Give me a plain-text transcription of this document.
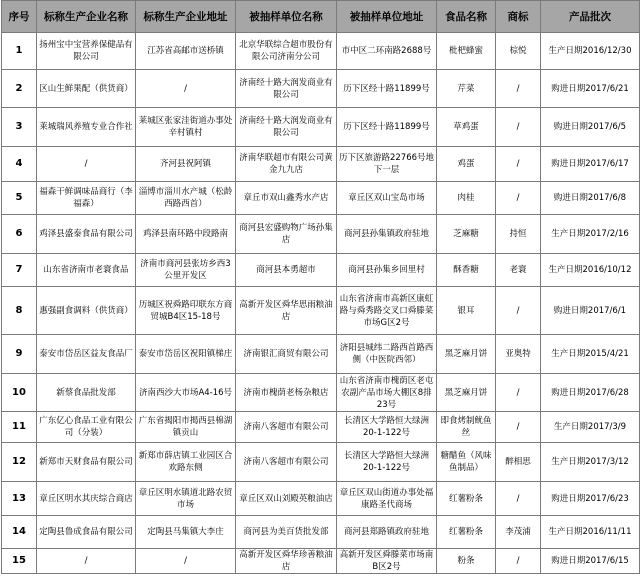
序号	标称生产企业名称	标称生产企业地址	被抽样单位名称	被抽样单位地址	食品名称	商标	产品批次
1	扬州宝中宝营养保健品有限公司	江苏省高邮市送桥镇	北京华联综合超市股份有限公司济南分公司	市中区二环南路2688号	枇杷蜂蜜	棕悦	生产日期2016/12/30
2	区山生鲜果配（供货商）	/	济南经十路大润发商业有限公司	历下区经十路11899号	芹菜	/	购进日期2017/6/21
3	莱城瑞风养殖专业合作社	莱城区张家洼街道办事处辛村镇村	济南经十路大润发商业有限公司	历下区经十路11899号	草鸡蛋	/	购进日期2017/6/5
4	/	齐河县祝阿镇	济南华联超市有限公司黄金九九店	历下区旅游路22766号地下一层	鸡蛋	/	购进日期2017/6/17
5	福森干鲜调味品商行（李福森）	淄博市淄川水产城（松龄西路西首）	章丘市双山鑫秀水产店	章丘区双山宝岛市场	肉桂	/	购进日期2017/6/8
6	鸡泽县盛泰食品有限公司	鸡泽县南环路中段路南	商河县宏盛购物广场孙集店	商河县孙集镇政府驻地	芝麻糖	持恒	生产日期2017/2/16
7	山东省济南市老寰食品	济南市商河县张坊乡西3公里开发区	商河县本勇超市	商河县孙集乡回里村	酥香糖	老寰	生产日期2016/10/12
8	惠强副食调料（供货商）	历城区祝舜路印联东方商贸城B4区15-18号	高新开发区舜华思雨粮油店	山东省济南市高新区康虹路与舜秀路交叉口舜滕菜市场G区2号	银耳	/	购进日期2017/6/1
9	泰安市岱岳区益友食品厂	泰安市岱岳区祝阳镇梯庄	济南银汇商贸有限公司	济阳县城纬二路西首路西侧（中医院西邻）	黑芝麻月饼	亚奥特	生产日期2015/4/21
10	新蔡食品批发部	济南西沙大市场A4-16号	济南市槐荫老杨杂粮店	山东省济南市槐荫区老屯农副产品市场大棚区8排23号	黑芝麻月饼	/	购进日期2017/6/28
11	广东亿心食品工业有限公司（分装）	广东省揭阳市揭西县棉湖镇贡山	济南八客超市有限公司	长清区大学路恒大绿洲20-1-122号	即食烤制鱿鱼丝	/	生产日期2017/3/9
12	新郑市天财食品有限公司	新郑市薛店镇工业园区合欢路东侧	济南八客超市有限公司	长清区大学路恒大绿洲20-1-122号	糖醋鱼（风味鱼制品）	醉相思	生产日期2017/3/12
13	章丘区明水其庆综合商店	章丘区明水镇道北路农贸市场	章丘区双山刘殿英粮油店	章丘区双山街道办事处福康路圣代商场	红薯粉条	/	购进日期2017/6/23
14	定陶县鲁成食品有限公司	定陶县马集镇大李庄	商河县为美百货批发部	商河县郑路镇政府驻地	红薯粉条	李茂浦	生产日期2016/11/11
15	/	/	高新开发区舜华珍善粮油店	高新开发区舜滕菜市场南B区2号	粉条	/	购进日期2017/6/15
